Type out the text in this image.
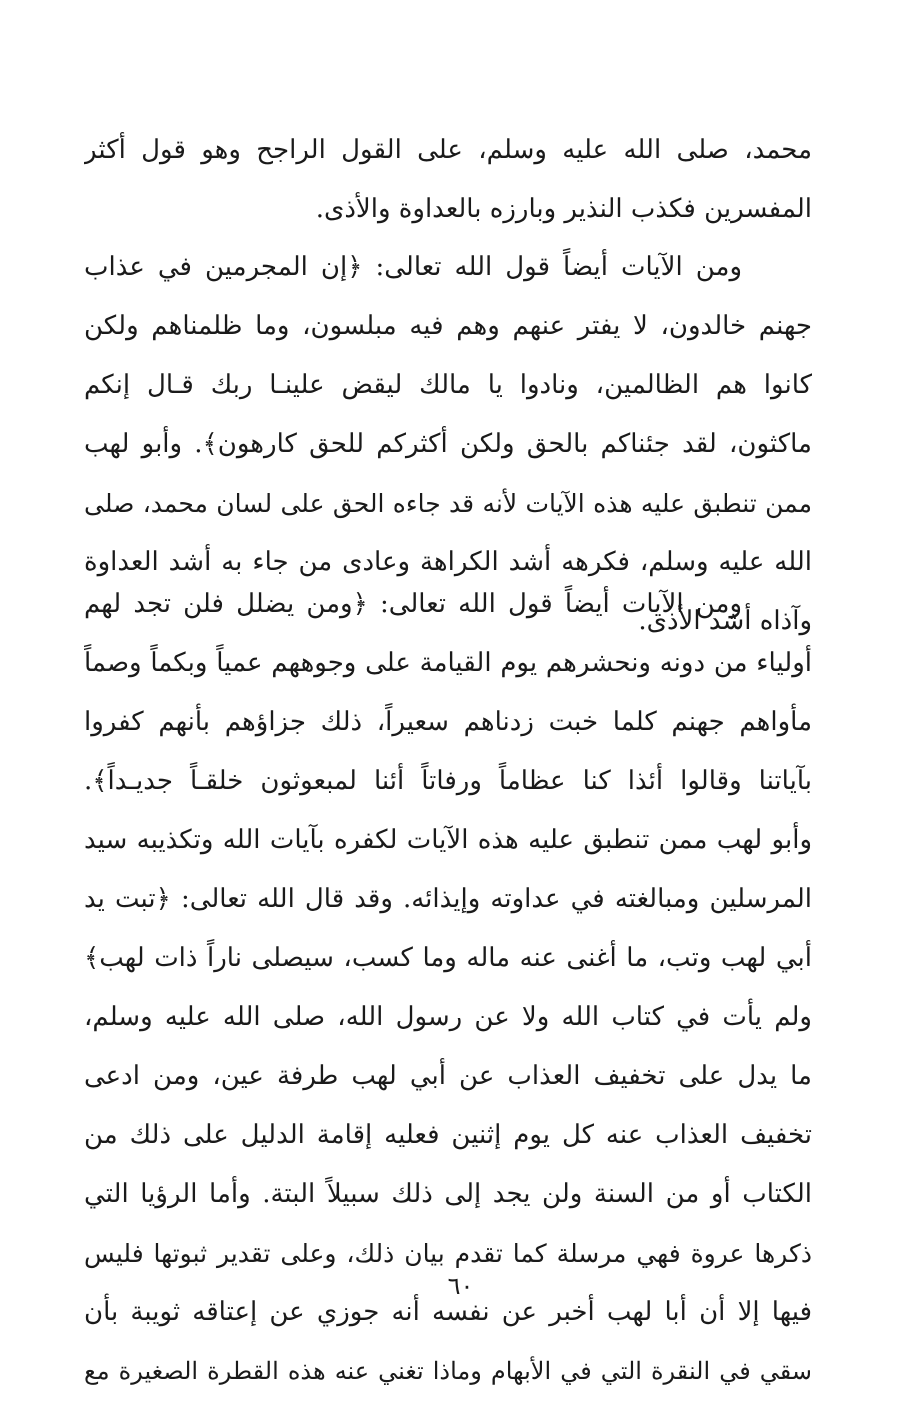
محمد، صلى الله عليه وسلم، على القول الراجح وهو قول أكثر
المفسرين فكذب النذير وبارزه بالعداوة والأذى.
ومن الآيات أيضاً قول الله تعالى: ﴿إن المجرمين في عذاب
جهنم خالدون، لا يفتر عنهم وهم فيه مبلسون، وما ظلمناهم ولكن
كانوا هم الظالمين، ونادوا يا مالك ليقض علينـا ربك قـال إنكم
ماكثون، لقد جئناكم بالحق ولكن أكثركم للحق كارهون﴾. وأبو لهب
ممن تنطبق عليه هذه الآيات لأنه قد جاءه الحق على لسان محمد، صلى
الله عليه وسلم، فكرهه أشد الكراهة وعادى من جاء به أشد العداوة
وآذاه أشد الأذى.
ومن الآيات أيضاً قول الله تعالى: ﴿ومن يضلل فلن تجد لهم
أولياء من دونه ونحشرهم يوم القيامة على وجوههم عمياً وبكماً وصماً
مأواهم جهنم كلما خبت زدناهم سعيراً، ذلك جزاؤهم بأنهم كفروا
بآياتنا وقالوا أئذا كنا عظاماً ورفاتاً أئنا لمبعوثون خلقـاً جديـداً﴾.
وأبو لهب ممن تنطبق عليه هذه الآيات لكفره بآيات الله وتكذيبه سيد
المرسلين ومبالغته في عداوته وإيذائه. وقد قال الله تعالى: ﴿تبت يد
أبي لهب وتب، ما أغنى عنه ماله وما كسب، سيصلى ناراً ذات لهب﴾
ولم يأت في كتاب الله ولا عن رسول الله، صلى الله عليه وسلم،
ما يدل على تخفيف العذاب عن أبي لهب طرفة عين، ومن ادعى
تخفيف العذاب عنه كل يوم إثنين فعليه إقامة الدليل على ذلك من
الكتاب أو من السنة ولن يجد إلى ذلك سبيلاً البتة. وأما الرؤيا التي
ذكرها عروة فهي مرسلة كما تقدم بيان ذلك، وعلى تقدير ثبوتها فليس
فيها إلا أن أبا لهب أخبر عن نفسه أنه جوزي عن إعتاقه ثويبة بأن
سقي في النقرة التي في الأبهام وماذا تغني عنه هذه القطرة الصغيرة مع
٦٠
